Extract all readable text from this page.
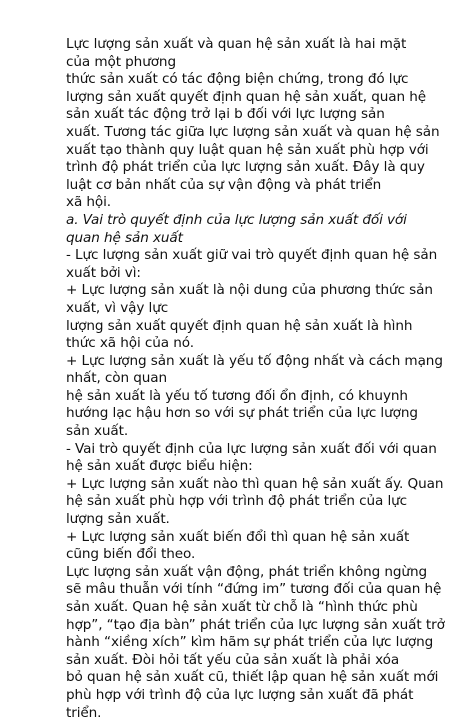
Lực lượng sản xuất và quan hệ sản xuất là hai mặt
của một phương
thức sản xuất có tác động biện chứng, trong đó lực
lượng sản xuất quyết định quan hệ sản xuất, quan hệ
sản xuất tác động trở lại b đối với lực lượng sản
xuất. Tương tác giữa lực lượng sản xuất và quan hệ sản
xuất tạo thành quy luật quan hệ sản xuất phù hợp với
trình độ phát triển của lực lượng sản xuất. Đây là quy
luật cơ bản nhất của sự vận động và phát triển
xã hội.
a. Vai trò quyết định của lực lượng sản xuất đối với
quan hệ sản xuất
- Lực lượng sản xuất giữ vai trò quyết định quan hệ sản
xuất bởi vì:
+ Lực lượng sản xuất là nội dung của phương thức sản
xuất, vì vậy lực
lượng sản xuất quyết định quan hệ sản xuất là hình
thức xã hội của nó.
+ Lực lượng sản xuất là yếu tố động nhất và cách mạng
nhất, còn quan
hệ sản xuất là yếu tố tương đối ổn định, có khuynh
hướng lạc hậu hơn so với sự phát triển của lực lượng
sản xuất.
- Vai trò quyết định của lực lượng sản xuất đối với quan
hệ sản xuất được biểu hiện:
+ Lực lượng sản xuất nào thì quan hệ sản xuất ấy. Quan
hệ sản xuất phù hợp với trình độ phát triển của lực
lượng sản xuất.
+ Lực lượng sản xuất biến đổi thì quan hệ sản xuất
cũng biến đổi theo.
Lực lượng sản xuất vận động, phát triển không ngừng
sẽ mâu thuẫn với tính “đứng im” tương đối của quan hệ
sản xuất. Quan hệ sản xuất từ chỗ là “hình thức phù
hợp”, “tạo địa bàn” phát triển của lực lượng sản xuất trở
hành “xiềng xích” kìm hãm sự phát triển của lực lượng
sản xuất. Đòi hỏi tất yếu của sản xuất là phải xóa
bỏ quan hệ sản xuất cũ, thiết lập quan hệ sản xuất mới
phù hợp với trình độ của lực lượng sản xuất đã phát
triển.
